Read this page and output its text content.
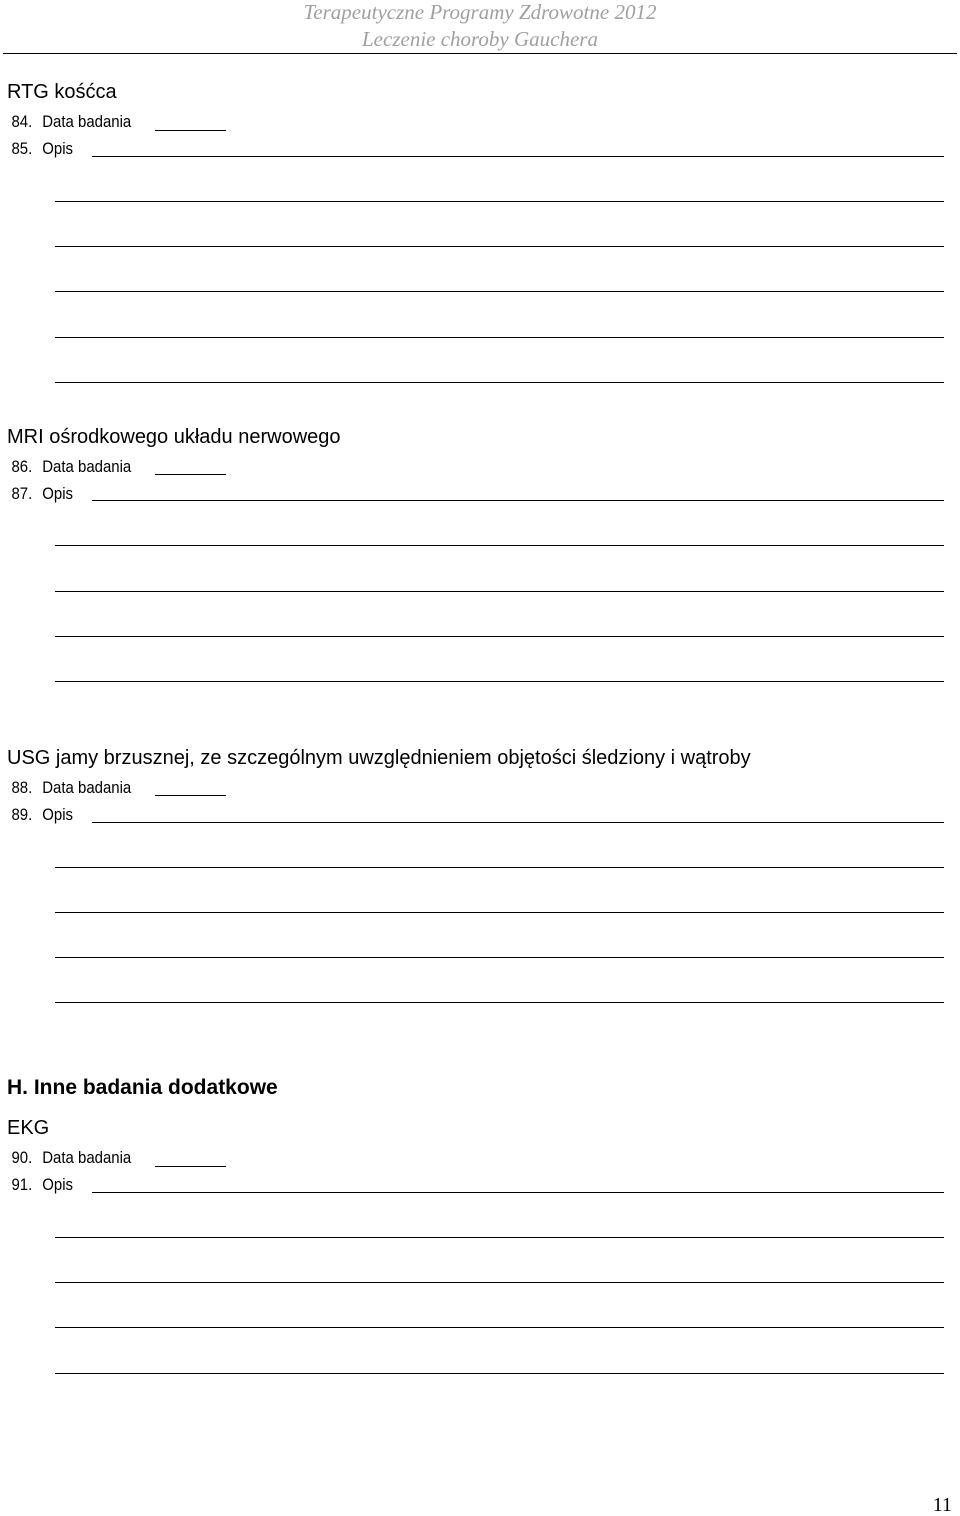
Terapeutyczne Programy Zdrowotne 2012
Leczenie choroby Gauchera
RTG kośćca
84. Data badania
85. Opis
MRI ośrodkowego układu nerwowego
86. Data badania
87. Opis
USG jamy brzusznej, ze szczególnym uwzględnieniem objętości śledziony i wątroby
88. Data badania
89. Opis
H. Inne badania dodatkowe
EKG
90. Data badania
91. Opis
11
